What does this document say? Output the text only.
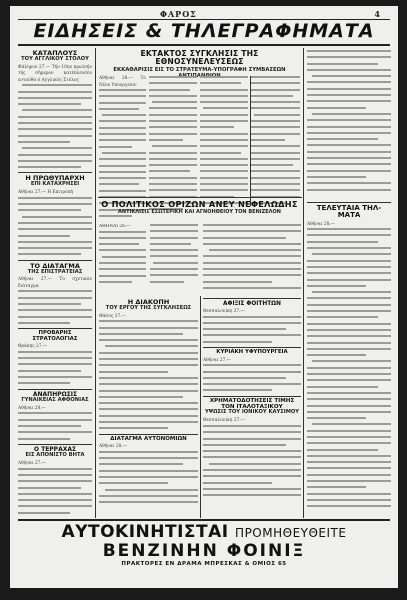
ΦΑΡΟΣ	4
ΕΙΔΗΣΕΙΣ & ΤΗΛΕΓΡΑΦΗΜΑΤΑ
ΚΑΤΑΠΛΟΥΣ
ΤΟΥ ΑΓΓΛΙΚΟΥ ΣΤΟΛΟΥ
Φάληρον 27.— Τήν 10ην πρωϊνήν τής σήμερον κατέπλευσεν ενταύθα ό Αγγλικός Στόλος
Η ΠΡΩΘΥΠΑΡΧΗ
ΕΠΙ ΚΑΤΑΧΡΗΣΕΙ
Αθήναι 27.— Η Επιτροπή
ΤΟ ΔΙΑΤΑΓΜΑ
ΤΗΣ ΕΠΙΣΤΡΑΤΕΙΑΣ
Αθήναι 27.— Το σχετικόν διάταγμα
ΠΡΟΒΑΡΗΣ ΣΤΡΑΤΟΛΟΓΙΑΣ
Θράκης 27.—
ΑΝΑΠΗΡΩΣΙΣ
ΓΥΝΑΙΚΕΙΑΣ ΑΦΘΟΝΙΑΣ
Αθήναι 28.—
Ο ΤΕΡΡΑΧΑΣ
ΕΙΣ ΑΠΟΝΙΣΤΟ ΒΗΤΑ
Αθήναι 27.—
ΕΚΤΑΚΤΟΣ ΣΥΓΚΛΗΣΙΣ ΤΗΣ ΕΘΝΟΣΥΝΕΛΕΥΣΕΩΣ
ΕΚΚΑΘΑΡΙΣΙΣ ΕΙΣ ΤΟ ΣΤΡΑΤΕΥΜΑ-ΥΠΟΓΡΑΦΗ ΣΥΜΒΑΣΕΩΝ
Αθήναι 28.— Το Νέον Υπουργείον
Ο ΠΟΛΙΤΙΚΟΣ ΟΡΙΖΩΝ ΑΝΕΥ ΝΕΦΕΛΩΔΗΣ
ΑΝΤΙΚΛΙΣΙΣ ΕΣΩΤΕΡΙΚΗ ΚΑΙ ΑΓΝΟΗΘΕΙΟΥ ΤΟΝ ΒΕΝΙΖΕΛΟΝ
ΑΘΗΝΑΙ 28.—
Η ΔΙΑΚΟΠΗ
ΤΟΥ ΕΡΓΟΥ ΤΗΣ ΣΥΓΚΛΗΣΕΩΣ
Θάσος 27.—
ΔΙΑΤΑΓΜΑ ΑΥΤΟΝΟΜΙΩΝ
Αθήναι 28.—
ΑΦΙΞΙΣ ΦΟΙΤΗΤΩΝ
Θεσσαλονίκη 27.—
ΚΥΡΙΑΚΗ ΥΦΥΠΟΥΡΓΕΙΑ
Αθήναι 27.—
ΧΡΗΜΑΤΟΔΟΤΗΣΕΙΣ ΤΙΜΗΣ ΤΟΝ ΙΤΑΛΟΤΑΞΙΚΟΥ
ΥΨΩΣΙΣ ΤΟΥ ΙΟΝΙΚΟΥ ΚΑΥΣΙΜΟΥ
Θεσσαλονίκη 27.—
ΤΕΛΕΥΤΑΙΑ ΤΗΛ-ΜΑΤΑ
Αθήναι 28.—
ΑΥΤΟΚΙΝΗΤΙΣΤΑΙ ΠΡΟΜΗΘΕΥΘΕΙΤΕ
ΒΕΝΖΙΝΗΝ ΦΟΙΝΙΞ
ΠΡΑΚΤΟΡΕΣ ΕΝ ΔΡΑΜΑ ΜΠΡΕΣΚΑΣ & ΟΜΙΟΣ 65
